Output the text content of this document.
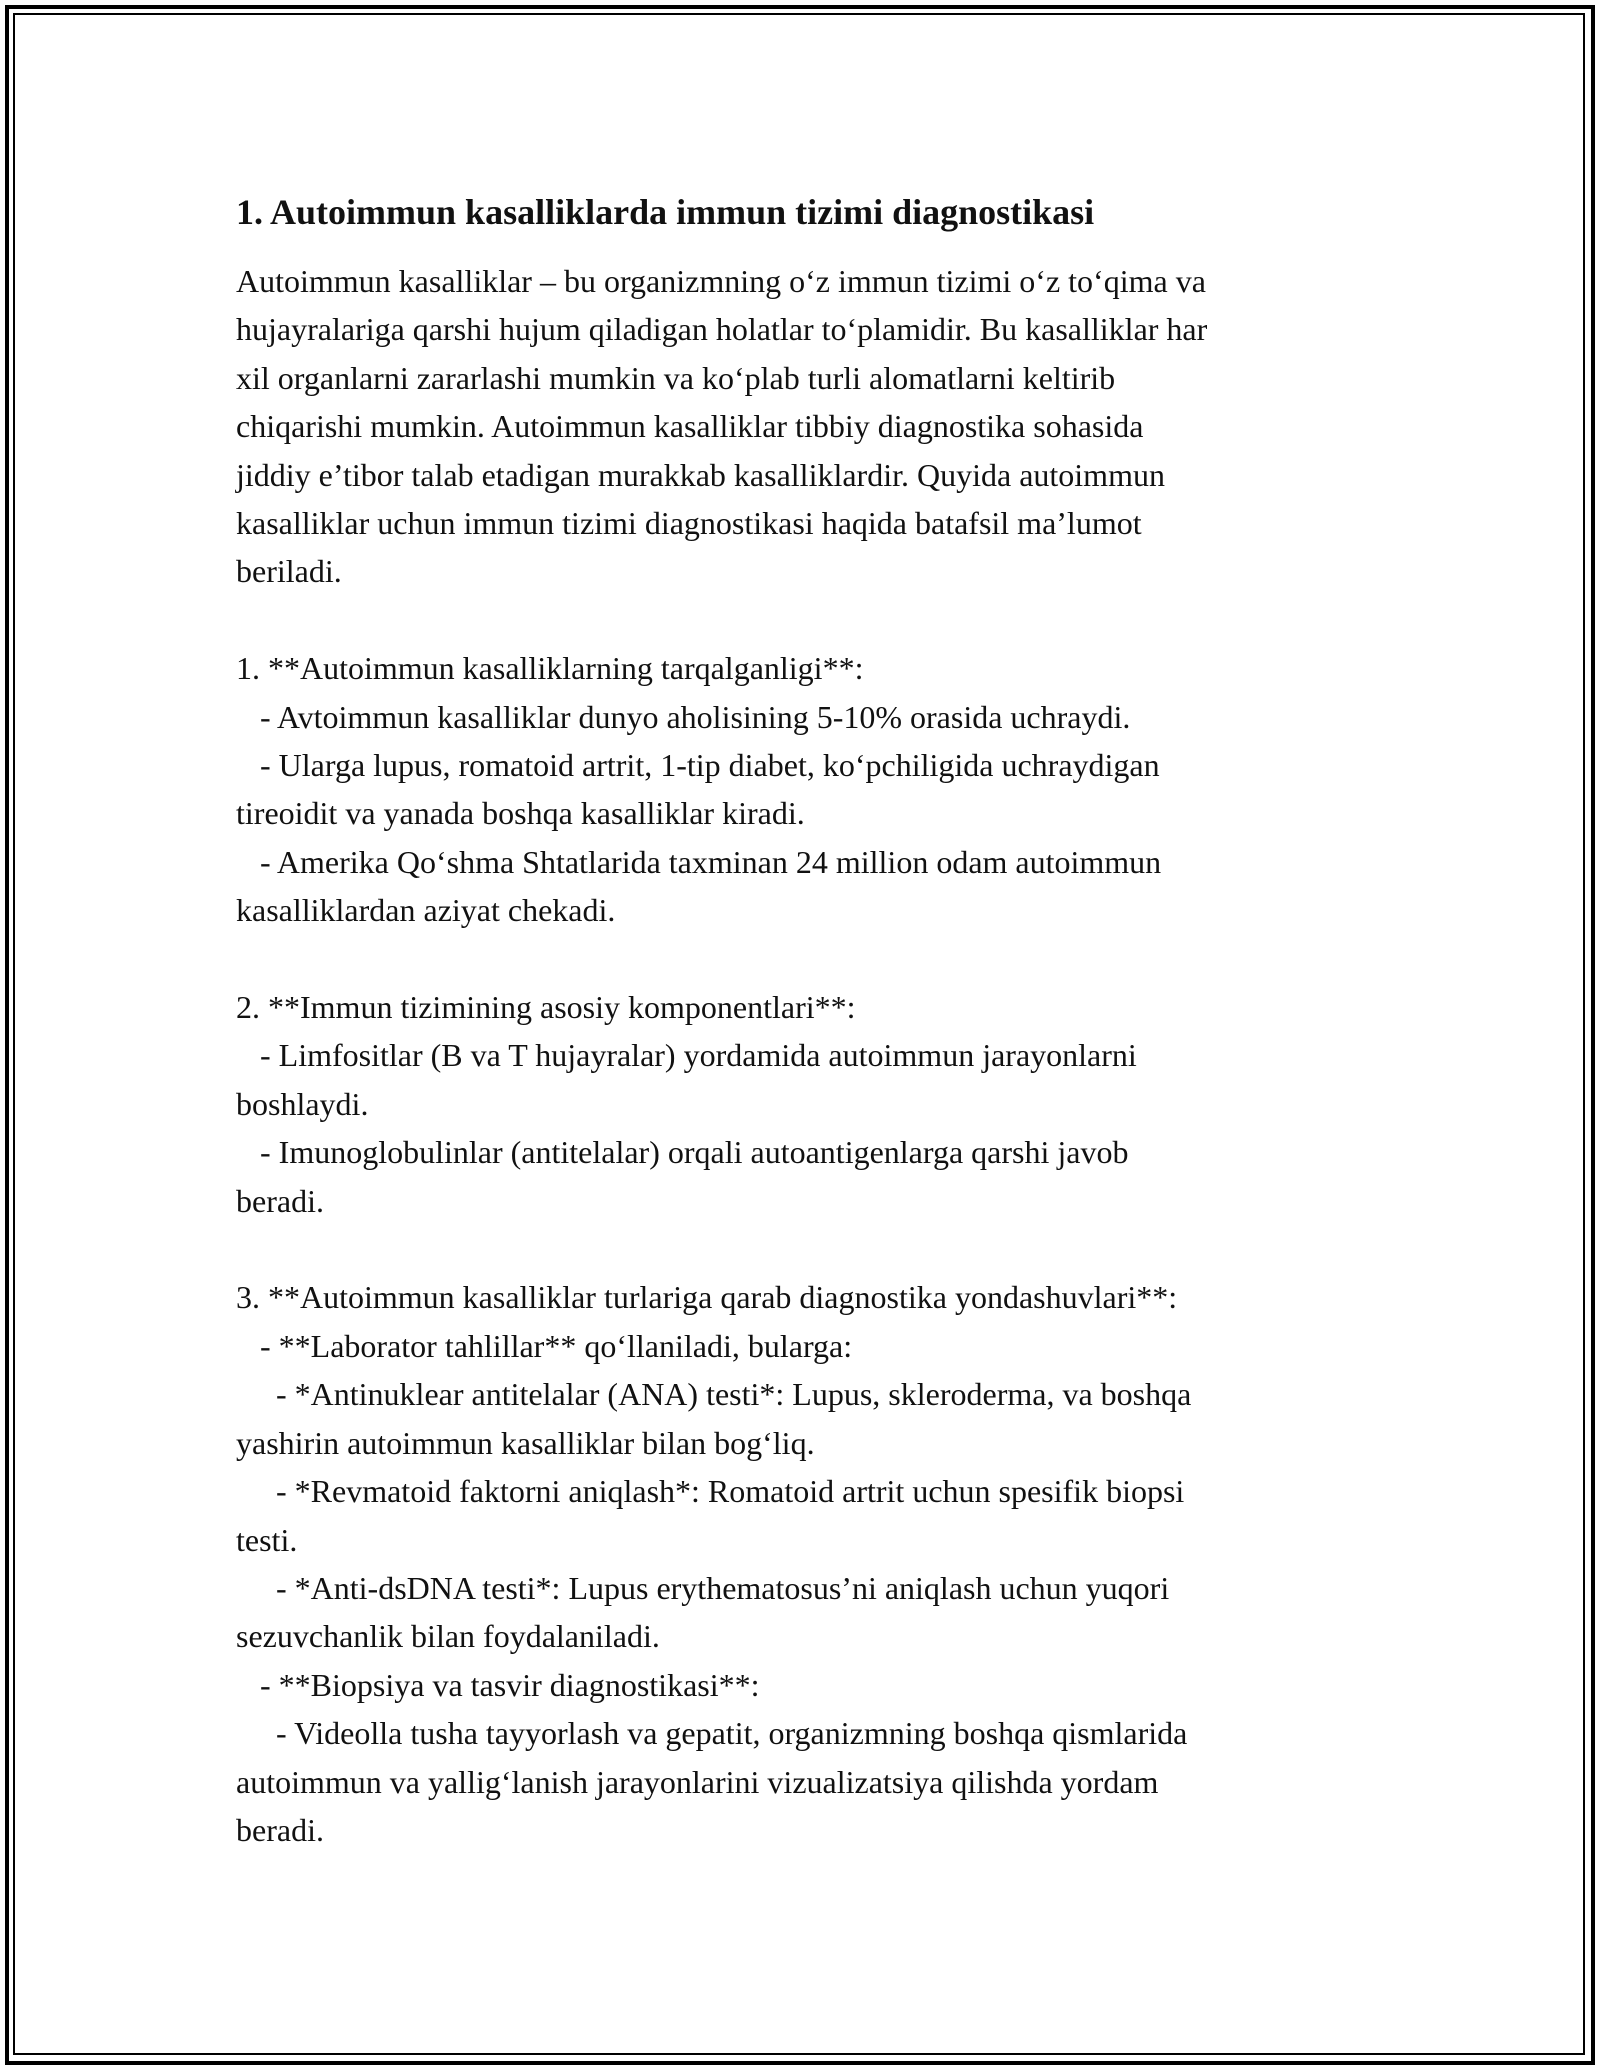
1. Autoimmun kasalliklarda immun tizimi diagnostikasi
Autoimmun kasalliklar – bu organizmning o‘z immun tizimi o‘z to‘qima va
hujayralariga qarshi hujum qiladigan holatlar to‘plamidir. Bu kasalliklar har
xil organlarni zararlashi mumkin va ko‘plab turli alomatlarni keltirib
chiqarishi mumkin. Autoimmun kasalliklar tibbiy diagnostika sohasida
jiddiy e’tibor talab etadigan murakkab kasalliklardir. Quyida autoimmun
kasalliklar uchun immun tizimi diagnostikasi haqida batafsil ma’lumot
beriladi.
1. **Autoimmun kasalliklarning tarqalganligi**:
- Avtoimmun kasalliklar dunyo aholisining 5-10% orasida uchraydi.
- Ularga lupus, romatoid artrit, 1-tip diabet, ko‘pchiligida uchraydigan
tireoidit va yanada boshqa kasalliklar kiradi.
- Amerika Qo‘shma Shtatlarida taxminan 24 million odam autoimmun
kasalliklardan aziyat chekadi.
2. **Immun tizimining asosiy komponentlari**:
- Limfositlar (B va T hujayralar) yordamida autoimmun jarayonlarni
boshlaydi.
- Imunoglobulinlar (antitelalar) orqali autoantigenlarga qarshi javob
beradi.
3. **Autoimmun kasalliklar turlariga qarab diagnostika yondashuvlari**:
- **Laborator tahlillar** qo‘llaniladi, bularga:
- *Antinuklear antitelalar (ANA) testi*: Lupus, skleroderma, va boshqa
yashirin autoimmun kasalliklar bilan bog‘liq.
- *Revmatoid faktorni aniqlash*: Romatoid artrit uchun spesifik biopsi
testi.
- *Anti-dsDNA testi*: Lupus erythematosus’ni aniqlash uchun yuqori
sezuvchanlik bilan foydalaniladi.
- **Biopsiya va tasvir diagnostikasi**:
- Videolla tusha tayyorlash va gepatit, organizmning boshqa qismlarida
autoimmun va yallig‘lanish jarayonlarini vizualizatsiya qilishda yordam
beradi.
